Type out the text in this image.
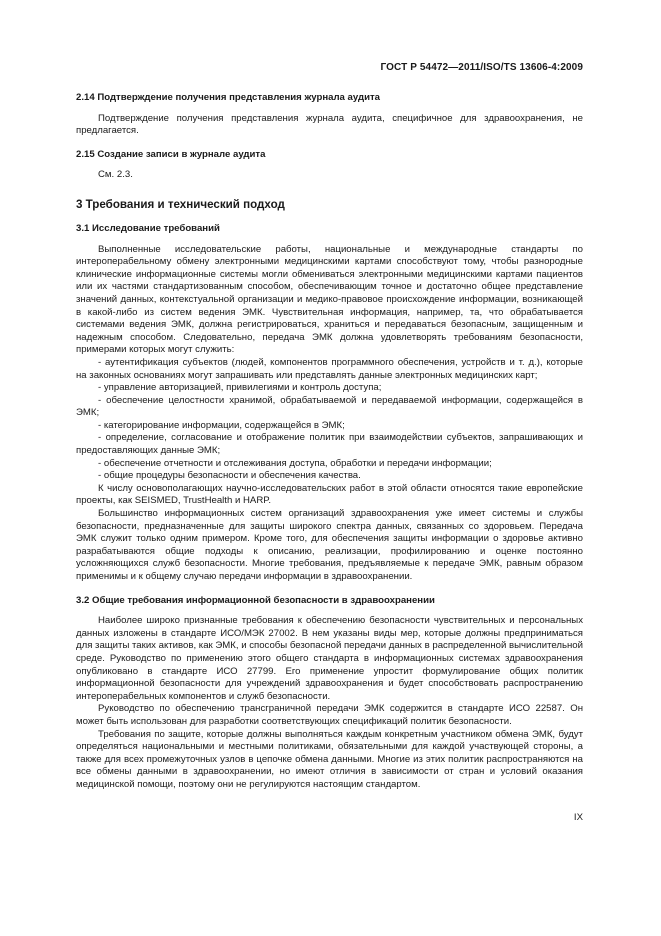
ГОСТ Р 54472—2011/ISO/TS 13606-4:2009
2.14 Подтверждение получения представления журнала аудита

Подтверждение получения представления журнала аудита, специфичное для здравоохранения, не предлагается.

2.15 Создание записи в журнале аудита

См. 2.3.

3 Требования и технический подход
3.1 Исследование требований

Выполненные исследовательские работы, национальные и международные стандарты по интероперабельному обмену электронными медицинскими картами способствуют тому, чтобы разнородные клинические информационные системы могли обмениваться электронными медицинскими картами пациентов или их частями стандартизованным способом, обеспечивающим точное и достаточно общее представление значений данных, контекстуальной организации и медико-правовое происхождение информации, возникающей в какой-либо из систем ведения ЭМК. Чувствительная информация, например, та, что обрабатывается системами ведения ЭМК, должна регистрироваться, храниться и передаваться безопасным, защищенным и надежным способом. Следовательно, передача ЭМК должна удовлетворять требованиям безопасности, примерами которых могут служить:

- аутентификация субъектов (людей, компонентов программного обеспечения, устройств и т. д.), которые на законных основаниях могут запрашивать или представлять данные электронных медицинских карт;

- управление авторизацией, привилегиями и контроль доступа;

- обеспечение целостности хранимой, обрабатываемой и передаваемой информации, содержащейся в ЭМК;

- категорирование информации, содержащейся в ЭМК;

- определение, согласование и отображение политик при взаимодействии субъектов, запрашивающих и предоставляющих данные ЭМК;

- обеспечение отчетности и отслеживания доступа, обработки и передачи информации;

- общие процедуры безопасности и обеспечения качества.

К числу основополагающих научно-исследовательских работ в этой области относятся такие европейские проекты, как SEISMED, TrustHealth и HARP.

Большинство информационных систем организаций здравоохранения уже имеет системы и службы безопасности, предназначенные для защиты широкого спектра данных, связанных со здоровьем. Передача ЭМК служит только одним примером. Кроме того, для обеспечения защиты информации о здоровье активно разрабатываются общие подходы к описанию, реализации, профилированию и оценке постоянно усложняющихся служб безопасности. Многие требования, предъявляемые к передаче ЭМК, равным образом применимы и к общему случаю передачи информации в здравоохранении.

3.2 Общие требования информационной безопасности в здравоохранении

Наиболее широко признанные требования к обеспечению безопасности чувствительных и персональных данных изложены в стандарте ИСО/МЭК 27002. В нем указаны виды мер, которые должны предприниматься для защиты таких активов, как ЭМК, и способы безопасной передачи данных в распределенной вычислительной среде. Руководство по применению этого общего стандарта в информационных системах здравоохранения опубликовано в стандарте ИСО 27799. Его применение упростит формулирование общих политик информационной безопасности для учреждений здравоохранения и будет способствовать распространению интероперабельных компонентов и служб безопасности.

Руководство по обеспечению трансграничной передачи ЭМК содержится в стандарте ИСО 22587. Он может быть использован для разработки соответствующих спецификаций политик безопасности.

Требования по защите, которые должны выполняться каждым конкретным участником обмена ЭМК, будут определяться национальными и местными политиками, обязательными для каждой участвующей стороны, а также для всех промежуточных узлов в цепочке обмена данными. Многие из этих политик распространяются на все обмены данными в здравоохранении, но имеют отличия в зависимости от стран и условий оказания медицинской помощи, поэтому они не регулируются настоящим стандартом.

IX
